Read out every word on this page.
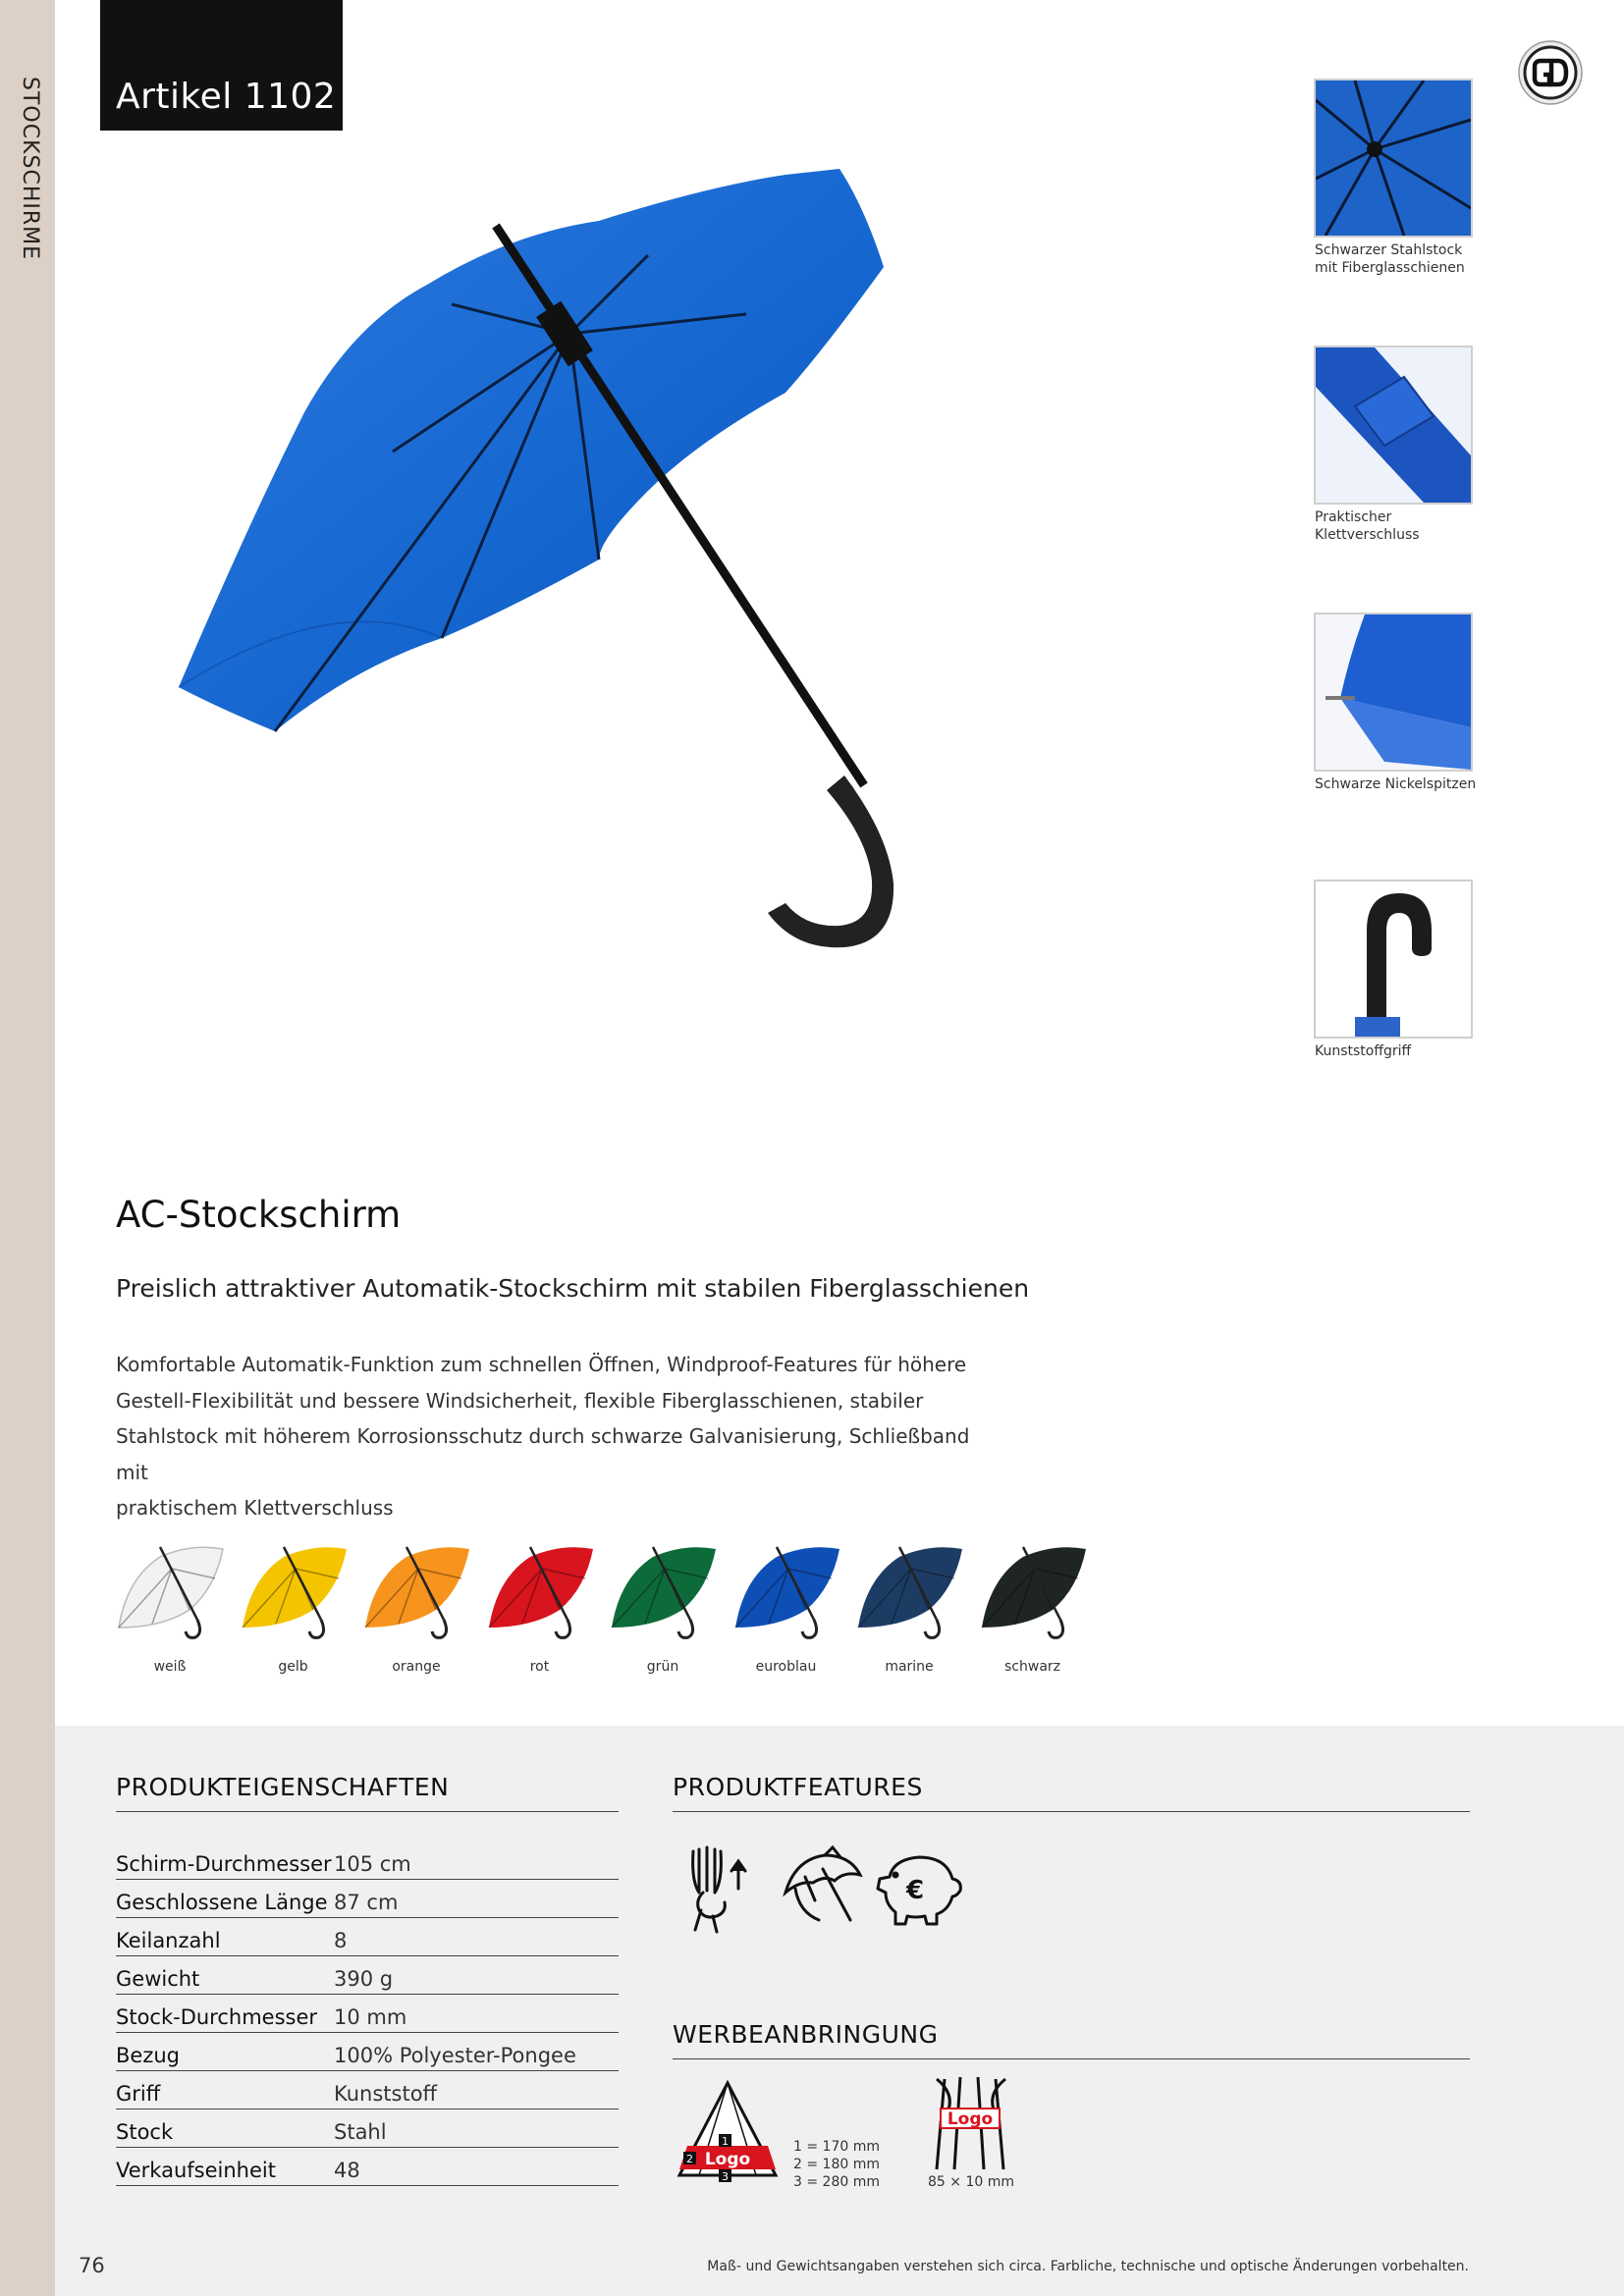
STOCKSCHIRME Artikel 1102
Schwarzer Stahlstock
mit Fiberglasschienen
Praktischer
Klettverschluss
Schwarze Nickelspitzen
Kunststoffgriff
AC-Stockschirm
Preislich attraktiver Automatik-Stockschirm mit stabilen Fiberglasschienen
Komfortable Automatik-Funktion zum schnellen Öffnen, Windproof-Features für höhere
Gestell-Flexibilität und bessere Windsicherheit, flexible Fiberglasschienen, stabiler
Stahlstock mit höherem Korrosionsschutz durch schwarze Galvanisierung, Schließband mit
praktischem Klettverschluss
weiß	gelb	orange	rot	grün	euroblau	marine	schwarz
PRODUKTEIGENSCHAFTEN
Schirm-Durchmesser	105 cm
Geschlossene Länge	87 cm
Keilanzahl	8
Gewicht	390 g
Stock-Durchmesser	10 mm
Bezug	100% Polyester-Pongee
Griff	Kunststoff
Stock	Stahl
Verkaufseinheit	48
PRODUKTFEATURES
€
WERBEANBRINGUNG
Logo
1
2
3
1 = 170 mm
2 = 180 mm
3 = 280 mm
Logo
85 × 10 mm
76	Maß- und Gewichtsangaben verstehen sich circa. Farbliche, technische und optische Änderungen vorbehalten.
